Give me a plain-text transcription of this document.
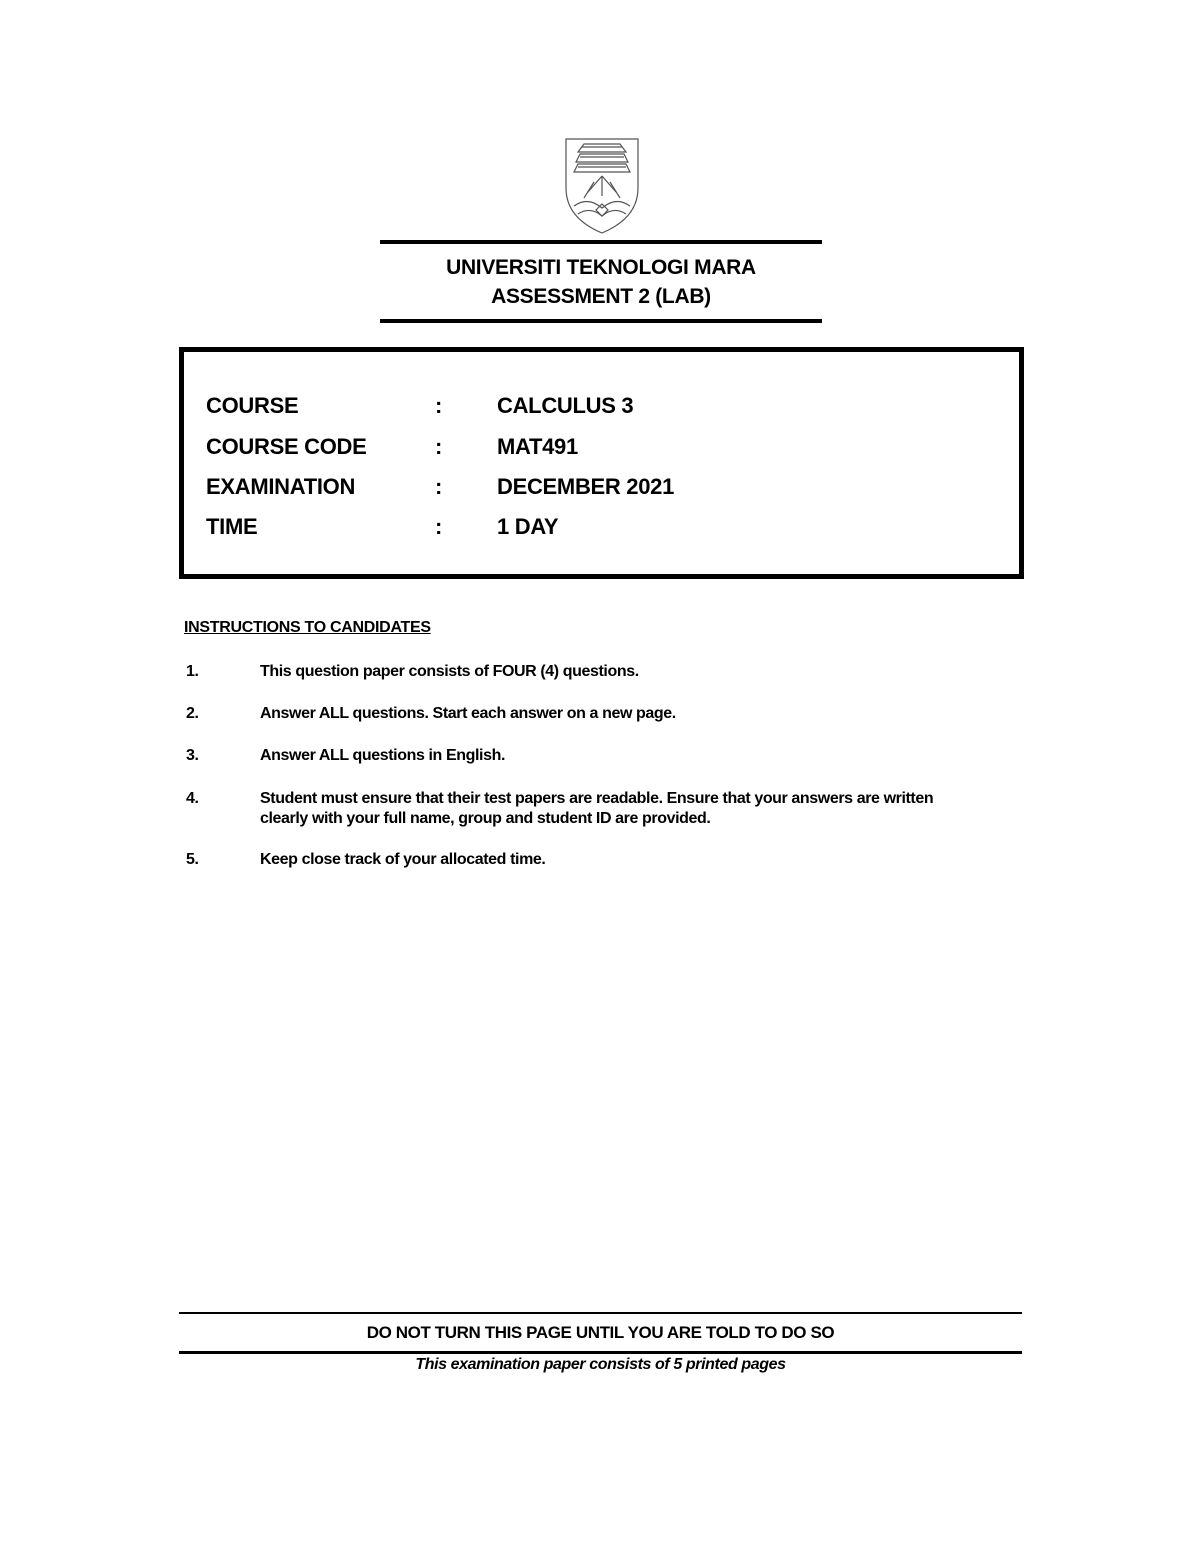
UNIVERSITI TEKNOLOGI MARA
ASSESSMENT 2 (LAB)
COURSE	:	CALCULUS 3
COURSE CODE	:	MAT491
EXAMINATION	:	DECEMBER 2021
TIME	:	1 DAY
INSTRUCTIONS TO CANDIDATES
1.	This question paper consists of FOUR (4) questions.
2.	Answer ALL questions. Start each answer on a new page.
3.	Answer ALL questions in English.
4.	Student must ensure that their test papers are readable. Ensure that your answers are written clearly with your full name, group and student ID are provided.
5.	Keep close track of your allocated time.
DO NOT TURN THIS PAGE UNTIL YOU ARE TOLD TO DO SO
This examination paper consists of 5 printed pages
